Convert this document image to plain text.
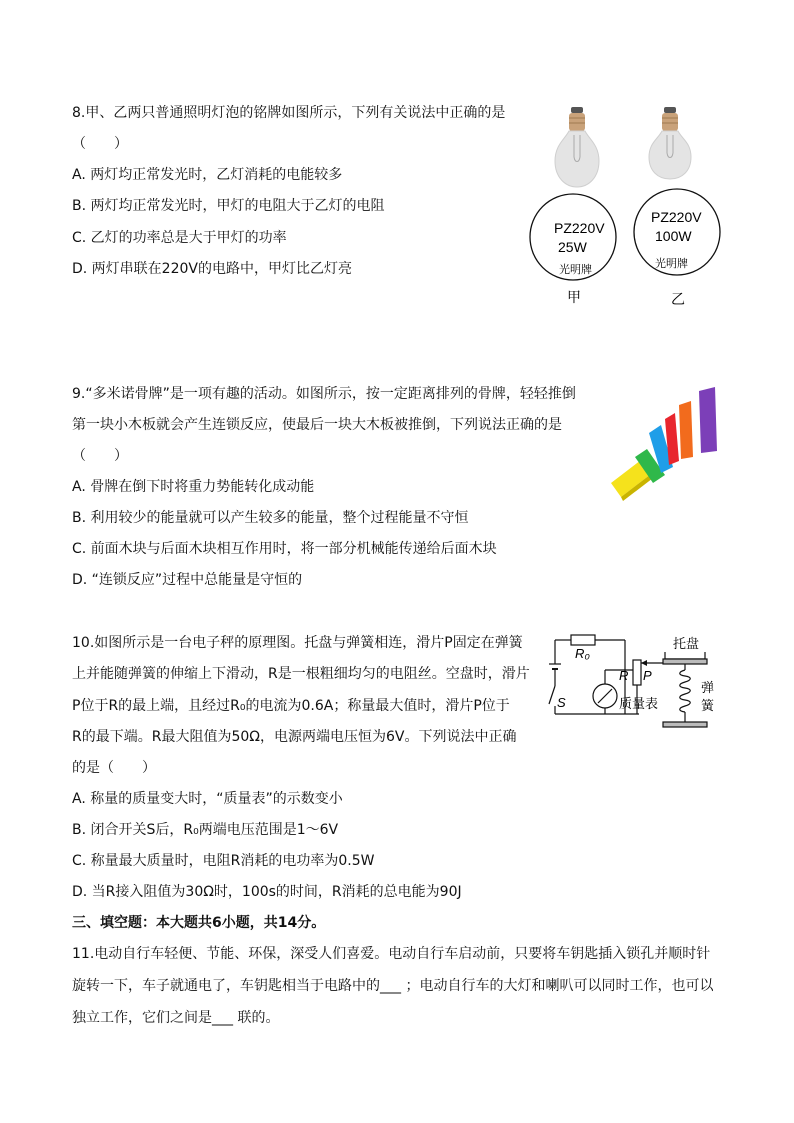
8.甲、乙两只普通照明灯泡的铭牌如图所示，下列有关说法中正确的是
（　　）
A. 两灯均正常发光时，乙灯消耗的电能较多
B. 两灯均正常发光时，甲灯的电阻大于乙灯的电阻
C. 乙灯的功率总是大于甲灯的功率
D. 两灯串联在220V的电路中，甲灯比乙灯亮
PZ220V
25W
光明牌
甲
PZ220V
100W
光明牌
乙
9.“多米诺骨牌”是一项有趣的活动。如图所示，按一定距离排列的骨牌，轻轻推倒
第一块小木板就会产生连锁反应，使最后一块大木板被推倒，下列说法正确的是
（　　）
A. 骨牌在倒下时将重力势能转化成动能
B. 利用较少的能量就可以产生较多的能量，整个过程能量不守恒
C. 前面木块与后面木块相互作用时，将一部分机械能传递给后面木块
D. “连锁反应”过程中总能量是守恒的
10.如图所示是一台电子秤的原理图。托盘与弹簧相连，滑片P固定在弹簧
上并能随弹簧的伸缩上下滑动，R是一根粗细均匀的电阻丝。空盘时，滑片
P位于R的最上端，且经过R₀的电流为0.6A；称量最大值时，滑片P位于
R的最下端。R最大阻值为50Ω，电源两端电压恒为6V。下列说法中正确
的是（　　）
A. 称量的质量变大时，“质量表”的示数变小
B. 闭合开关S后，R₀两端电压范围是1～6V
C. 称量最大质量时，电阻R消耗的电功率为0.5W
D. 当R接入阻值为30Ω时，100s的时间，R消耗的总电能为90J
R₀
R P
S	质量表
托盘
弹
簧
三、填空题：本大题共6小题，共14分。
11.电动自行车轻便、节能、环保，深受人们喜爱。电动自行车启动前，只要将车钥匙插入锁孔并顺时针
旋转一下，车子就通电了，车钥匙相当于电路中的___ ；电动自行车的大灯和喇叭可以同时工作，也可以
独立工作，它们之间是___ 联的。
